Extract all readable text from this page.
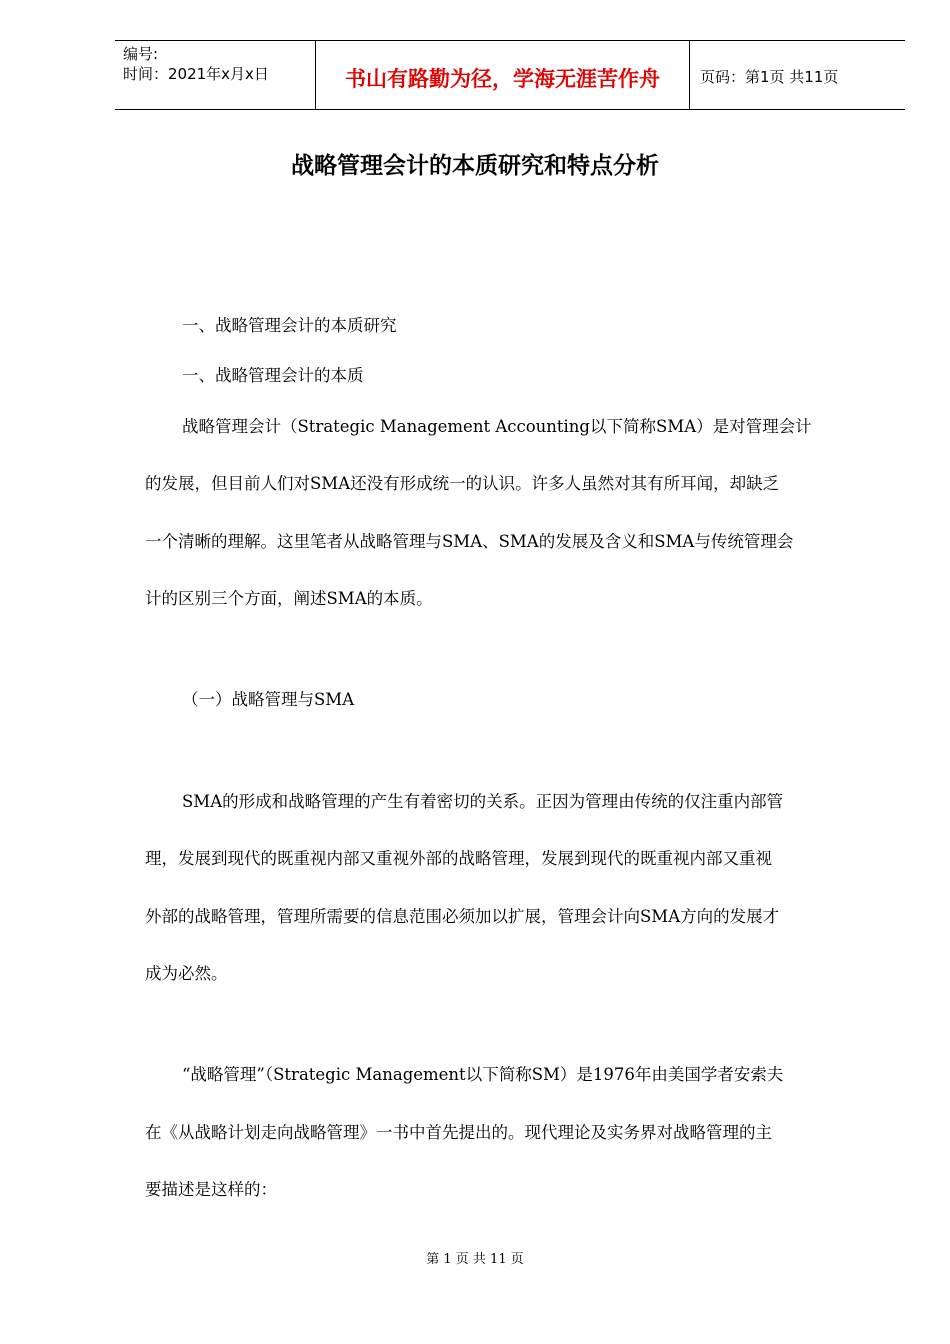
编号:
时间：2021年x月x日	书山有路勤为径，学海无涯苦作舟	页码：第1页 共11页
战略管理会计的本质研究和特点分析
一、战略管理会计的本质研究
一、战略管理会计的本质
战略管理会计（Strategic Management Accounting以下简称SMA）是对管理会计
的发展，但目前人们对SMA还没有形成统一的认识。许多人虽然对其有所耳闻，却缺乏
一个清晰的理解。这里笔者从战略管理与SMA、SMA的发展及含义和SMA与传统管理会
计的区别三个方面，阐述SMA的本质。
（一）战略管理与SMA
SMA的形成和战略管理的产生有着密切的关系。正因为管理由传统的仅注重内部管
理，发展到现代的既重视内部又重视外部的战略管理，发展到现代的既重视内部又重视
外部的战略管理，管理所需要的信息范围必须加以扩展，管理会计向SMA方向的发展才
成为必然。
“战略管理”（Strategic Management以下简称SM）是1976年由美国学者安索夫
在《从战略计划走向战略管理》一书中首先提出的。现代理论及实务界对战略管理的主
要描述是这样的：
第 1 页 共 11 页
